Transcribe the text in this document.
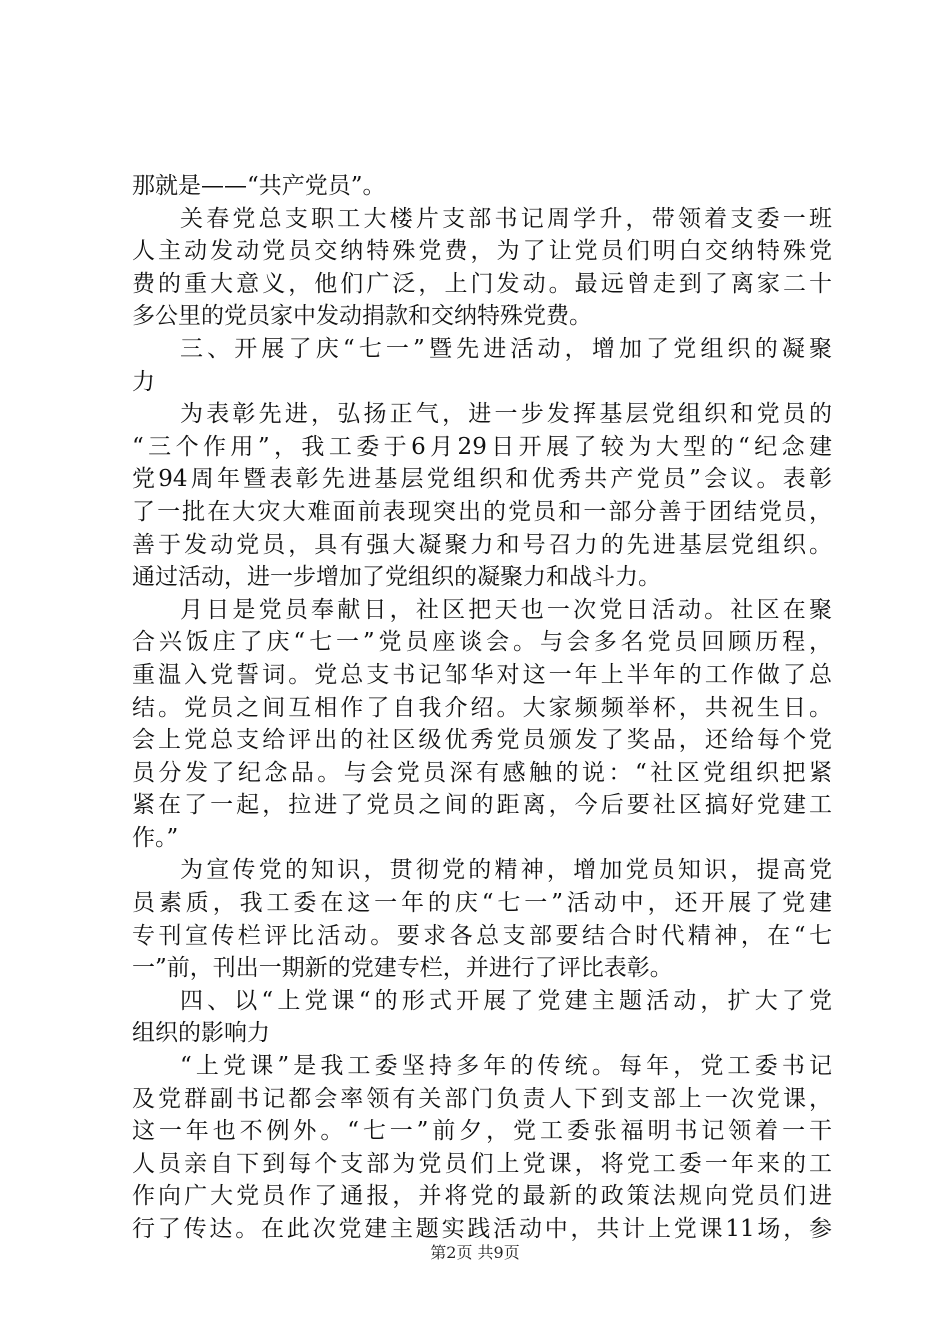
那就是——“共产党员”。
关春党总支职工大楼片支部书记周学升，带领着支委一班
人主动发动党员交纳特殊党费，为了让党员们明白交纳特殊党
费的重大意义，他们广泛，上门发动。最远曾走到了离家二十
多公里的党员家中发动捐款和交纳特殊党费。
三、开展了庆“七一”暨先进活动，增加了党组织的凝聚
力
为表彰先进，弘扬正气，进一步发挥基层党组织和党员的
“三个作用”，我工委于6月29日开展了较为大型的“纪念建
党94周年暨表彰先进基层党组织和优秀共产党员”会议。表彰
了一批在大灾大难面前表现突出的党员和一部分善于团结党员，
善于发动党员，具有强大凝聚力和号召力的先进基层党组织。
通过活动，进一步增加了党组织的凝聚力和战斗力。
月日是党员奉献日，社区把天也一次党日活动。社区在聚
合兴饭庄了庆“七一”党员座谈会。与会多名党员回顾历程，
重温入党誓词。党总支书记邹华对这一年上半年的工作做了总
结。党员之间互相作了自我介绍。大家频频举杯，共祝生日。
会上党总支给评出的社区级优秀党员颁发了奖品，还给每个党
员分发了纪念品。与会党员深有感触的说：“社区党组织把紧
紧在了一起，拉进了党员之间的距离，今后要社区搞好党建工
作。”
为宣传党的知识，贯彻党的精神，增加党员知识，提高党
员素质，我工委在这一年的庆“七一”活动中，还开展了党建
专刊宣传栏评比活动。要求各总支部要结合时代精神，在“七
一”前，刊出一期新的党建专栏，并进行了评比表彰。
四、以“上党课“的形式开展了党建主题活动，扩大了党
组织的影响力
“上党课”是我工委坚持多年的传统。每年，党工委书记
及党群副书记都会率领有关部门负责人下到支部上一次党课，
这一年也不例外。“七一”前夕，党工委张福明书记领着一干
人员亲自下到每个支部为党员们上党课，将党工委一年来的工
作向广大党员作了通报，并将党的最新的政策法规向党员们进
行了传达。在此次党建主题实践活动中，共计上党课11场，参
第2页 共9页
